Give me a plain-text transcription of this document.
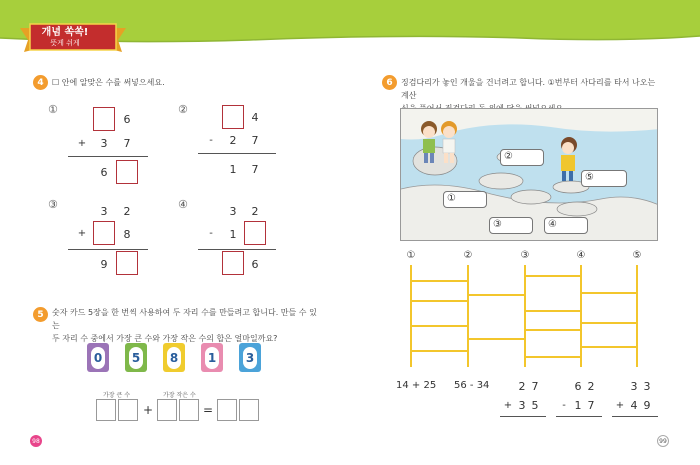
개념 쏙쏙!
뜻게 쉬게
4	☐ 안에 알맞은 수를 써넣으세요.
①
6
+	3	7
6
②
4
-	2	7
1	7
③
3	2
+	8
9
④
3	2
-	1
6
5	숫자 카드 5장을 한 번씩 사용하여 두 자리 수를 만들려고 합니다. 만들 수 있는
두 자리 수 중에서 가장 큰 수와 가장 작은 수의 합은 얼마일까요?
0 5 8 1 3
가장 큰 수	가장 작은 수
+	=
6	징검다리가 놓인 개울을 건너려고 합니다. ①번부터 사다리를 타서 나오는 계산
②
⑤
①
③	④
①	②	③	④	⑤
14 + 25 56 - 34	2 7
+ 3 5
6 2
- 1 7
3 3
+ 4 9
98	99
